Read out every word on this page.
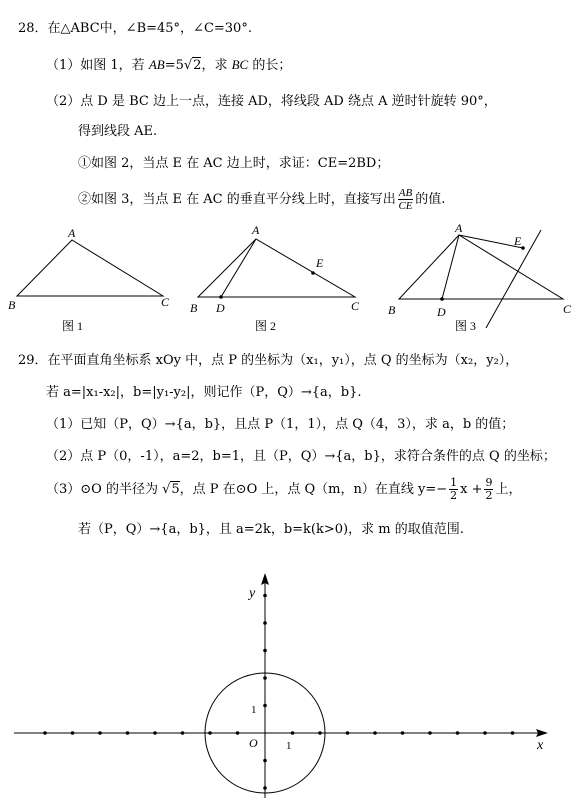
28．在△ABC中，∠B=45°，∠C=30°.
（1）如图 1，若 AB=5√2，求 BC 的长；
（2）点 D 是 BC 边上一点，连接 AD，将线段 AD 绕点 A 逆时针旋转 90°，
得到线段 AE.
①如图 2，当点 E 在 AC 边上时，求证：CE=2BD；
②如图 3，当点 E 在 AC 的垂直平分线上时，直接写出 $\frac{AB}{CE}$ 的值.
A
B	C
图 1
A
B D
E
C
图 2
A
E
B	D	C
图 3
29．在平面直角坐标系 xOy 中，点 P 的坐标为（x₁，y₁），点 Q 的坐标为（x₂，y₂），
若 a=|x₁-x₂|，b=|y₁-y₂|，则记作（P，Q）→{a，b}.
（1）已知（P，Q）→{a，b}，且点 P（1，1），点 Q（4，3），求 a，b 的值；
（2）点 P（0，-1），a=2，b=1，且（P，Q）→{a，b}，求符合条件的点 Q 的坐标；
（3）⊙O 的半径为 √5，点 P 在⊙O 上，点 Q（m，n）在直线 $y=- \frac{1}{2}$ $x + \frac{9}{2}$ 上，
若（P，Q）→{a，b}，且 a=2k，b=k(k>0)，求 m 的取值范围.
x
y
O	1
1
